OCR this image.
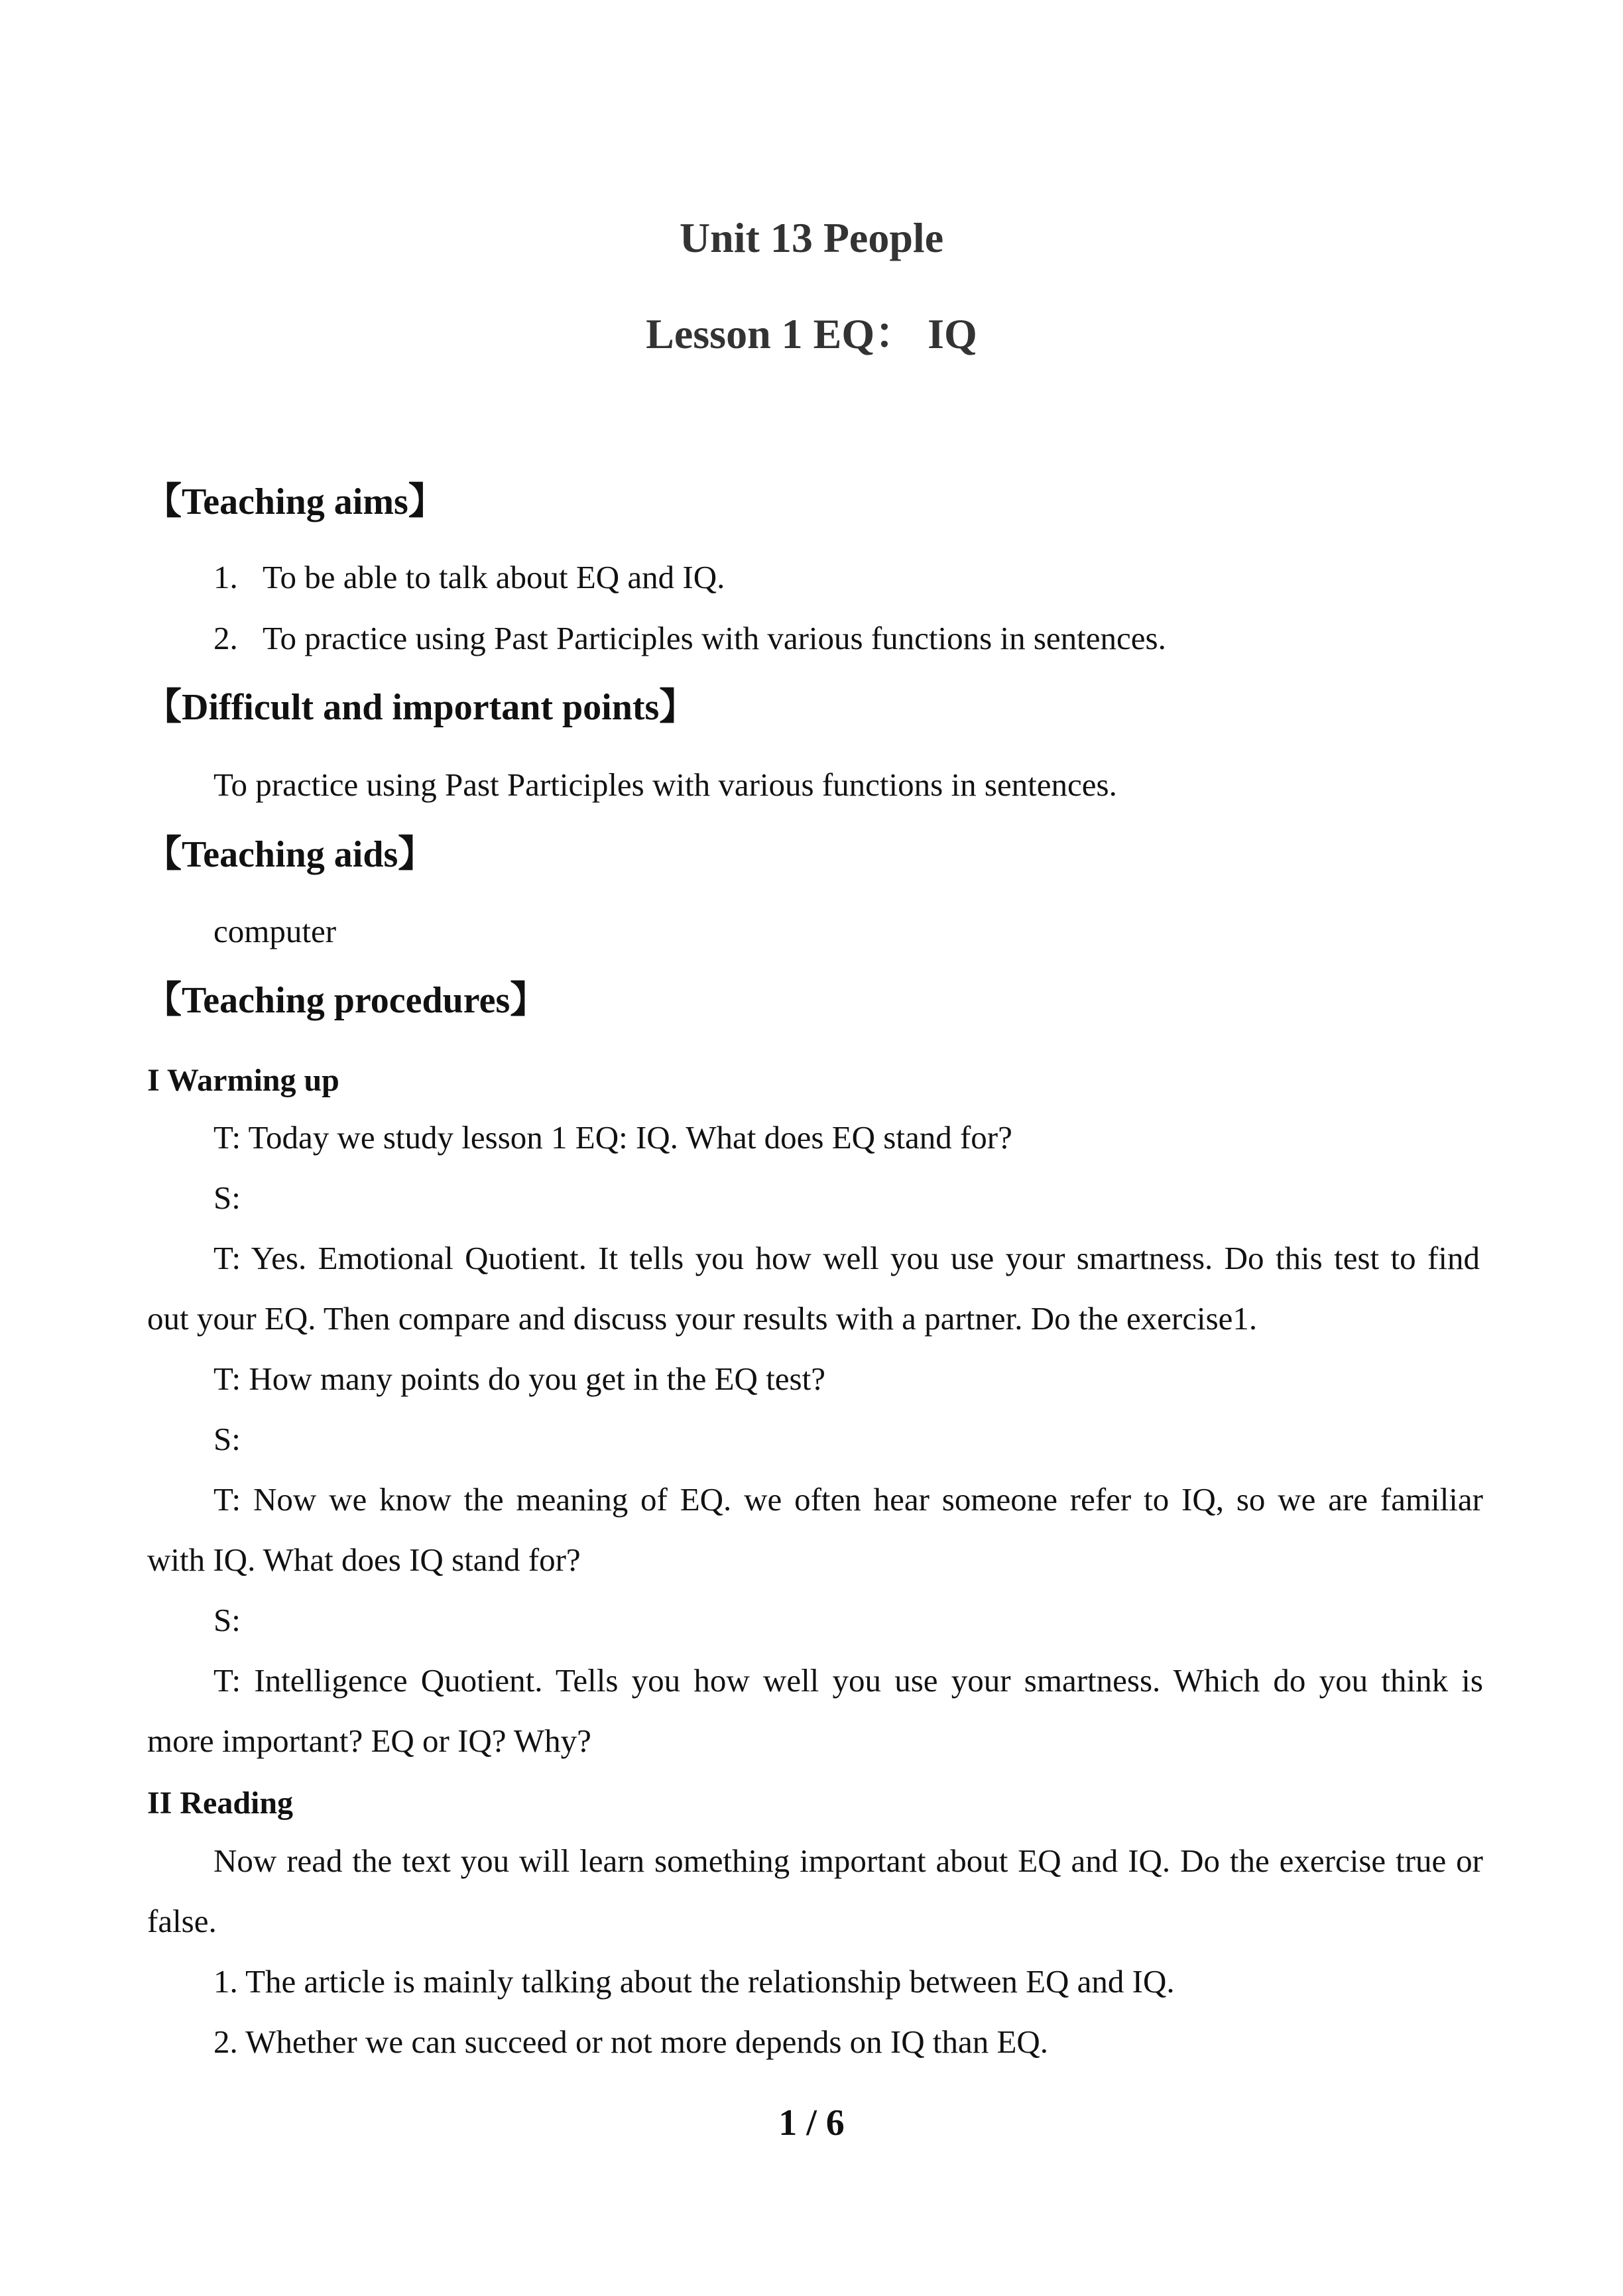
Unit 13 People
Lesson 1 EQ： IQ
【Teaching aims】
1. To be able to talk about EQ and IQ.
2. To practice using Past Participles with various functions in sentences.
【Difficult and important points】
To practice using Past Participles with various functions in sentences.
【Teaching aids】
computer
【Teaching procedures】
I Warming up
T: Today we study lesson 1 EQ: IQ. What does EQ stand for?
S:
T: Yes. Emotional Quotient. It tells you how well you use your smartness. Do this test to find
out your EQ. Then compare and discuss your results with a partner. Do the exercise1.
T: How many points do you get in the EQ test?
S:
T: Now we know the meaning of EQ. we often hear someone refer to IQ, so we are familiar
with IQ. What does IQ stand for?
S:
T: Intelligence Quotient. Tells you how well you use your smartness. Which do you think is
more important? EQ or IQ? Why?
II Reading
Now read the text you will learn something important about EQ and IQ. Do the exercise true or
false.
1. The article is mainly talking about the relationship between EQ and IQ.
2. Whether we can succeed or not more depends on IQ than EQ.
1 / 6
